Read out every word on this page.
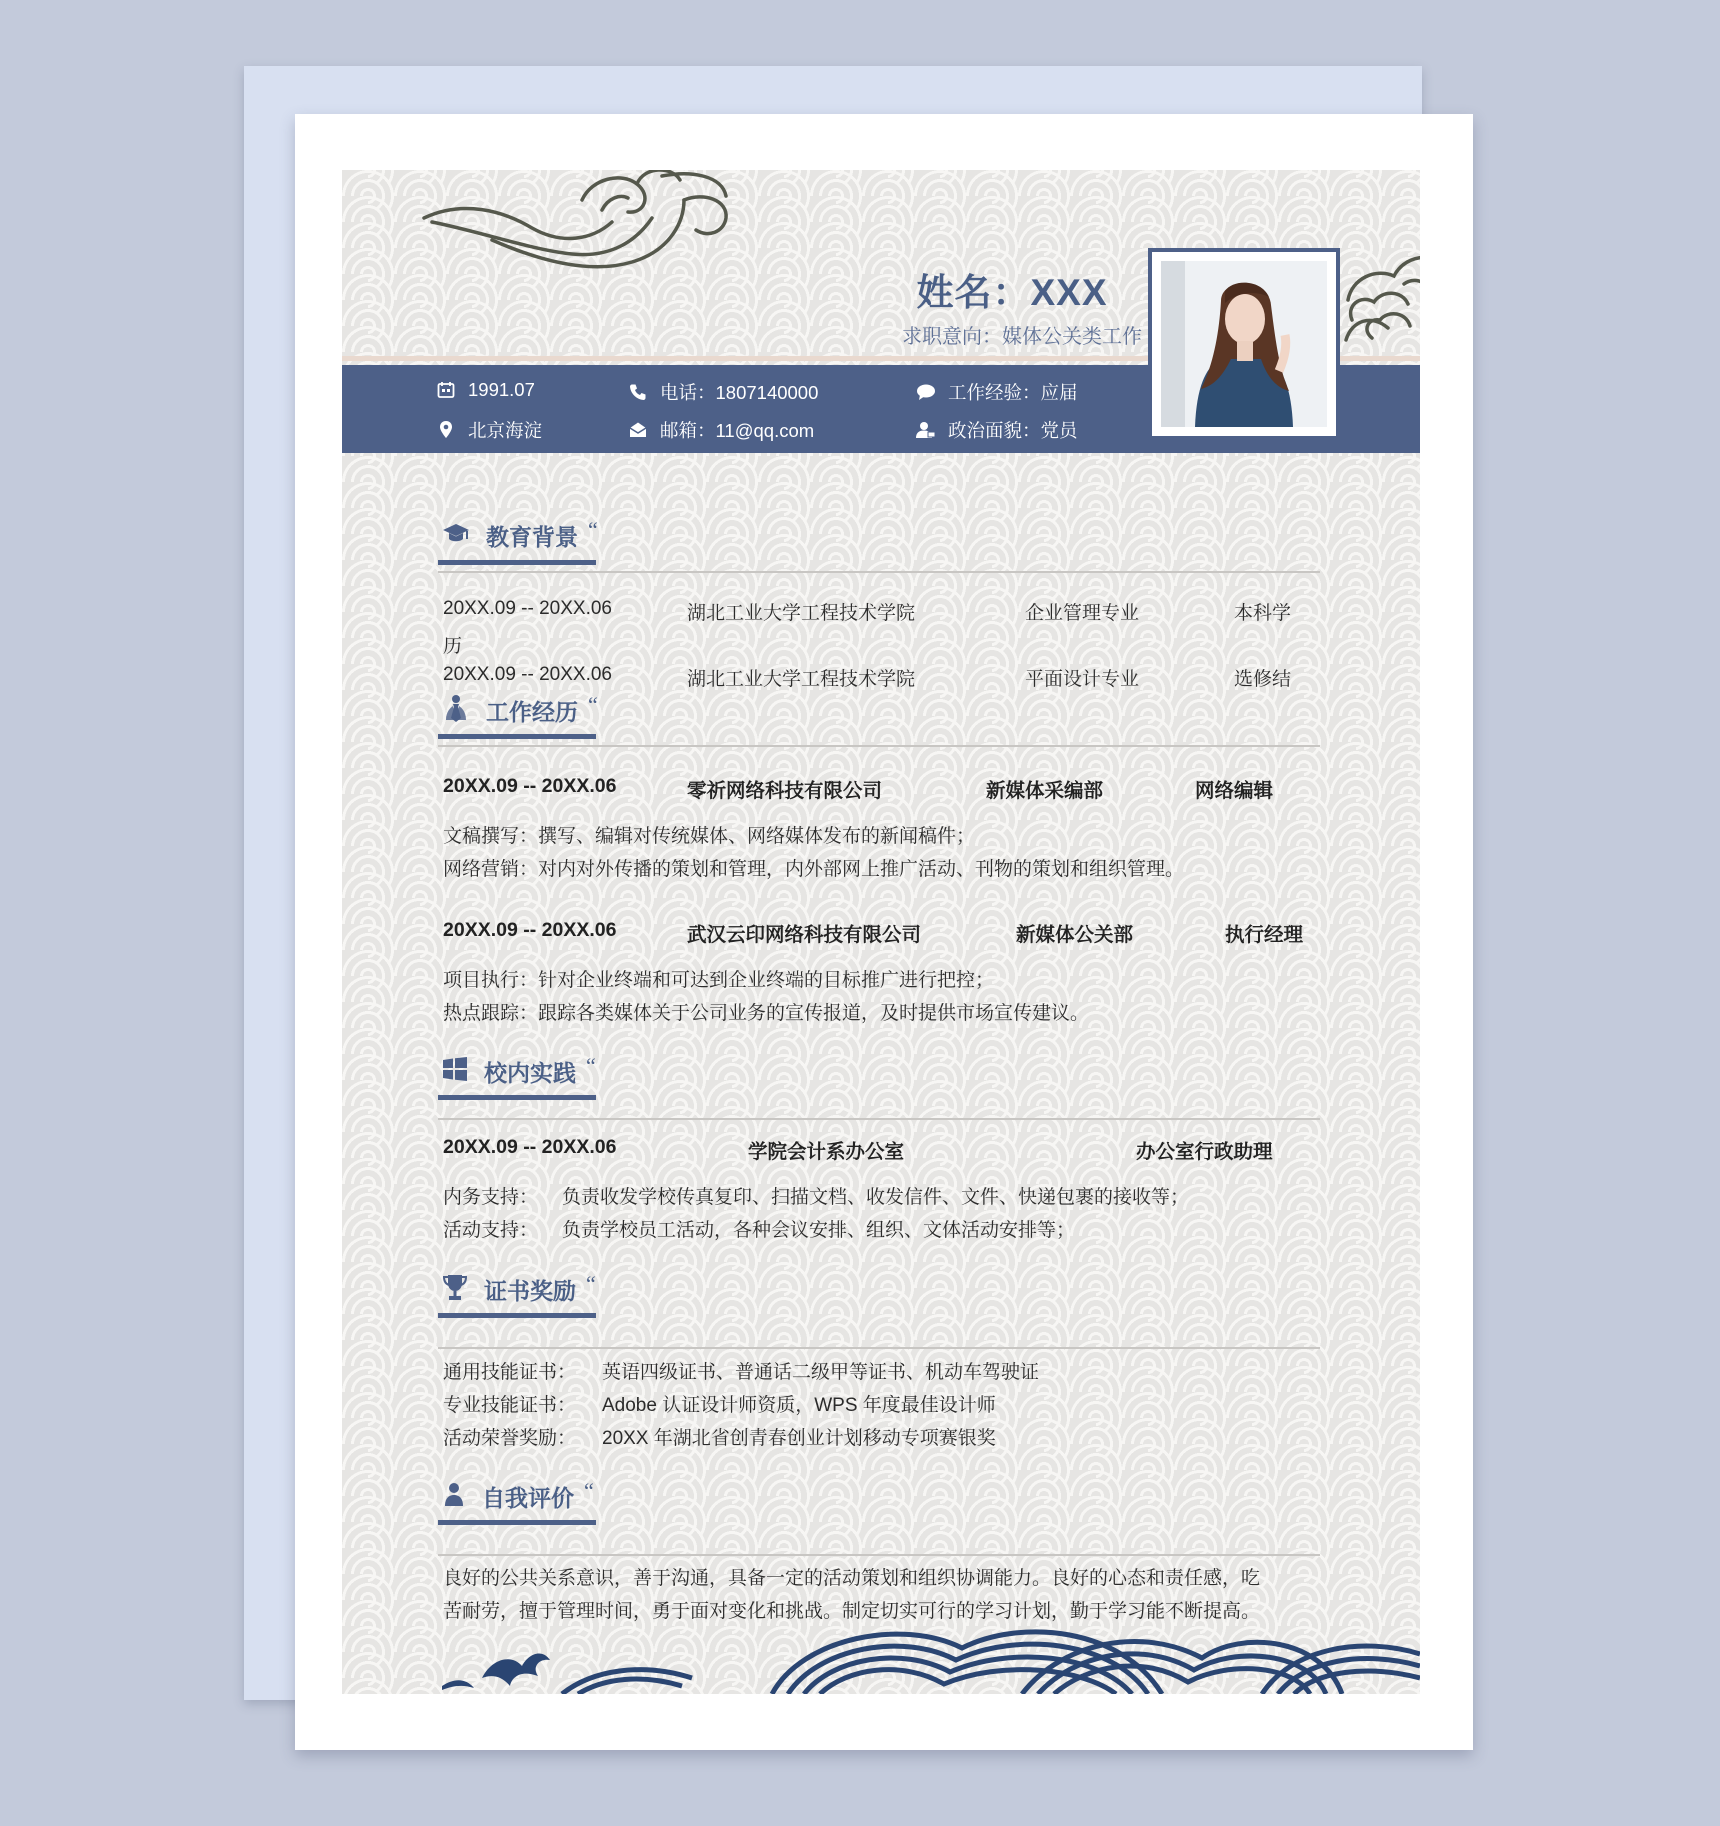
姓名：XXX
求职意向：媒体公关类工作
1991.07
北京海淀
电话：1807140000
邮箱：11@qq.com
工作经验：应届
政治面貌：党员
教育背景 “
20XX.09 -- 20XX.06	湖北工业大学工程技术学院	企业管理专业	本科学
历
20XX.09 -- 20XX.06	湖北工业大学工程技术学院	平面设计专业	选修结
工作经历 “
20XX.09 -- 20XX.06	零祈网络科技有限公司	新媒体采编部	网络编辑
文稿撰写：撰写、编辑对传统媒体、网络媒体发布的新闻稿件；
网络营销：对内对外传播的策划和管理，内外部网上推广活动、刊物的策划和组织管理。
20XX.09 -- 20XX.06	武汉云印网络科技有限公司	新媒体公关部	执行经理
项目执行：针对企业终端和可达到企业终端的目标推广进行把控；
热点跟踪：跟踪各类媒体关于公司业务的宣传报道，及时提供市场宣传建议。
校内实践 “
20XX.09 -- 20XX.06	学院会计系办公室	办公室行政助理
内务支持： 负责收发学校传真复印、扫描文档、收发信件、文件、快递包裹的接收等；
活动支持： 负责学校员工活动，各种会议安排、组织、文体活动安排等；
证书奖励 “
通用技能证书： 英语四级证书、普通话二级甲等证书、机动车驾驶证
专业技能证书： Adobe 认证设计师资质，WPS 年度最佳设计师
活动荣誉奖励： 20XX 年湖北省创青春创业计划移动专项赛银奖
自我评价 “
良好的公共关系意识，善于沟通，具备一定的活动策划和组织协调能力。良好的心态和责任感，吃
苦耐劳，擅于管理时间，勇于面对变化和挑战。制定切实可行的学习计划，勤于学习能不断提高。
